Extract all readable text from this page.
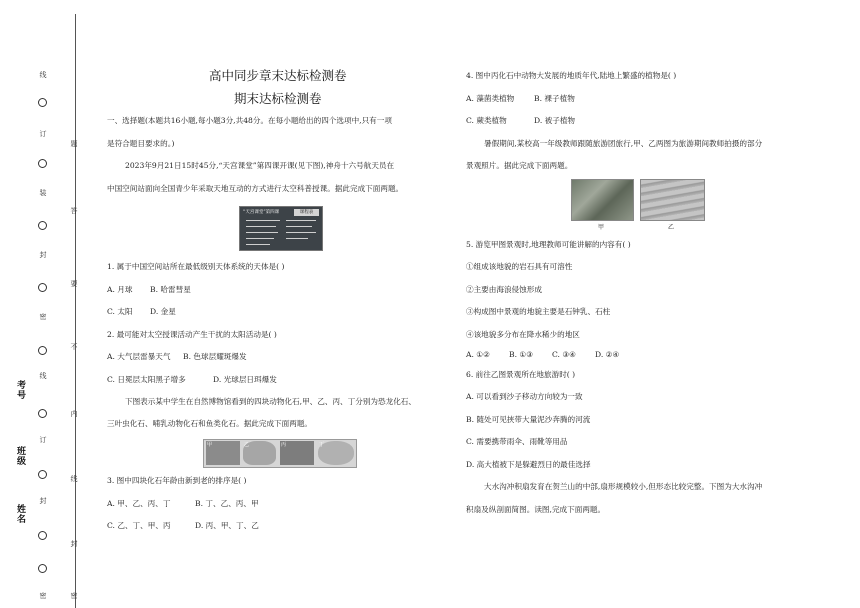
线
订
题
装
答
封
要
密
不
线
内
订
线
封
封
密	密
考号
班级
姓名
高中同步章末达标检测卷
期末达标检测卷
一、选择题(本题共16小题,每小题3分,共48分。在每小题给出的四个选项中,只有一项
是符合题目要求的。)
2023年9月21日15时45分,“天宫课堂”第四课开课(见下图),神舟十六号航天员在
中国空间站面向全国青少年采取天地互动的方式进行太空科普授课。据此完成下面两题。
“天宫课堂”第四课	课程表
1. 属于中国空间站所在最低级别天体系统的天体是( )
A. 月球 B. 哈雷彗星
C. 太阳 D. 金星
2. 最可能对太空授课活动产生干扰的太阳活动是( )
A. 大气层雷暴天气 B. 色球层耀斑爆发
C. 日冕层太阳黑子增多	D. 光球层日珥爆发
下图表示某中学生在自然博物馆看到的四块动物化石,甲、乙、丙、丁分别为恐龙化石、
三叶虫化石、哺乳动物化石和鱼类化石。据此完成下面两题。
甲	乙	丙	丁
3. 图中四块化石年龄由新到老的排序是( )
A. 甲、乙、丙、丁	B. 丁、乙、丙、甲
C. 乙、丁、甲、丙	D. 丙、甲、丁、乙
4. 图中丙化石中动物大发展的地质年代,陆地上繁盛的植物是( )
A. 藻菌类植物	B. 裸子植物
C. 蕨类植物	D. 被子植物
暑假期间,某校高一年级教师跟随旅游团旅行,甲、乙两图为旅游期间教师拍摄的部分
景观照片。据此完成下面两题。
甲	乙
5. 游览甲图景观时,地理教师可能讲解的内容有( )
①组成该地貌的岩石具有可溶性
②主要由海浪侵蚀形成
③构成图中景观的地貌主要是石钟乳、石柱
④该地貌多分布在降水稀少的地区
A. ①②	B. ①③ C. ③④	D. ②④
6. 前往乙图景观所在地旅游时( )
A. 可以看到沙子移动方向较为一致
B. 随处可见挟带大量泥沙奔腾的河流
C. 需要携带雨伞、雨靴等用品
D. 高大植被下是躲避烈日的最佳选择
大水沟冲积扇发育在贺兰山的中部,扇形规模较小,但形态比较完整。下图为大水沟冲
积扇及纵剖面简图。读图,完成下面两题。
